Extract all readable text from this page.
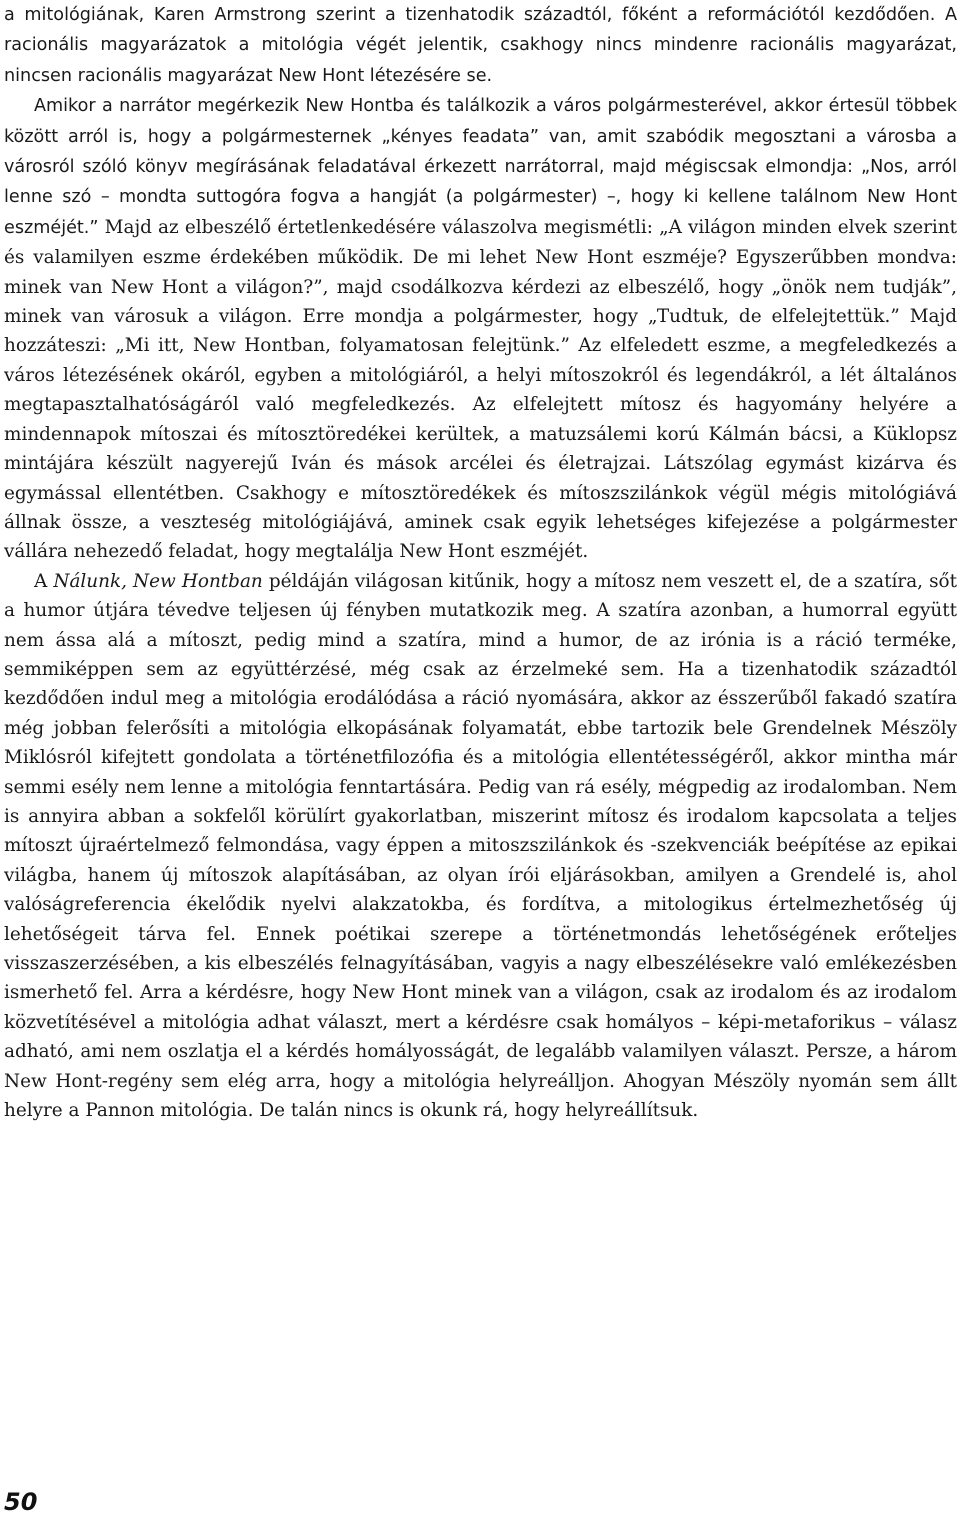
a mitológiának, Karen Armstrong szerint a tizenhatodik századtól, főként a reformációtól kezdődően. A racionális magyarázatok a mitológia végét jelentik, csakhogy nincs mindenre racionális magyarázat, nincsen racionális magyarázat New Hont létezésére se.

Amikor a narrátor megérkezik New Hontba és találkozik a város polgármesterével, akkor értesül többek között arról is, hogy a polgármesternek „kényes feadata” van, amit szabódik megosztani a városba a városról szóló könyv megírásának feladatával érkezett narrátorral, majd mégiscsak elmondja: „Nos, arról lenne szó – mondta suttogóra fogva a hangját (a polgármester) –, hogy ki kellene találnom New Hont eszméjét.” Majd az elbeszélő értetlenkedésére válaszolva megismétli: „A világon minden elvek szerint és valamilyen eszme érdekében működik. De mi lehet New Hont eszméje? Egyszerűbben mondva: minek van New Hont a világon?”, majd csodálkozva kérdezi az elbeszélő, hogy „önök nem tudják”, minek van városuk a világon. Erre mondja a polgármester, hogy „Tudtuk, de elfelejtettük.” Majd hozzáteszi: „Mi itt, New Hontban, folyamatosan felejtünk.” Az elfeledett eszme, a megfeledkezés a város létezésének okáról, egyben a mitológiáról, a helyi mítoszokról és legendákról, a lét általános megtapasztalhatóságáról való megfeledkezés. Az elfelejtett mítosz és hagyomány helyére a mindennapok mítoszai és mítosztöredékei kerültek, a matuzsálemi korú Kálmán bácsi, a Küklopsz mintájára készült nagyerejű Iván és mások arcélei és életrajzai. Látszólag egymást kizárva és egymással ellentétben. Csakhogy e mítosztöredékek és mítoszszilánkok végül mégis mitológiává állnak össze, a veszteség mitológiájává, aminek csak egyik lehetséges kifejezése a polgármester vállára nehezedő feladat, hogy megtalálja New Hont eszméjét.

A Nálunk, New Hontban példáján világosan kitűnik, hogy a mítosz nem veszett el, de a szatíra, sőt a humor útjára tévedve teljesen új fényben mutatkozik meg. A szatíra azonban, a humorral együtt nem ássa alá a mítoszt, pedig mind a szatíra, mind a humor, de az irónia is a ráció terméke, semmiképpen sem az együttérzésé, még csak az érzelmeké sem. Ha a tizenhatodik századtól kezdődően indul meg a mitológia erodálódása a ráció nyomására, akkor az ésszerűből fakadó szatíra még jobban felerősíti a mitológia elkopásának folyamatát, ebbe tartozik bele Grendelnek Mészöly Miklósról kifejtett gondolata a történetfilozófia és a mitológia ellentétességéről, akkor mintha már semmi esély nem lenne a mitológia fenntartására. Pedig van rá esély, mégpedig az irodalomban. Nem is annyira abban a sokfelől körülírt gyakorlatban, miszerint mítosz és irodalom kapcsolata a teljes mítoszt újraértelmező felmondása, vagy éppen a mitoszszilánkok és -szekvenciák beépítése az epikai világba, hanem új mítoszok alapításában, az olyan írói eljárásokban, amilyen a Grendelé is, ahol valóságreferencia ékelődik nyelvi alakzatokba, és fordítva, a mitologikus értelmezhetőség új lehetőségeit tárva fel. Ennek poétikai szerepe a történetmondás lehetőségének erőteljes visszaszerzésében, a kis elbeszélés felnagyításában, vagyis a nagy elbeszélésekre való emlékezésben ismerhető fel. Arra a kérdésre, hogy New Hont minek van a világon, csak az irodalom és az irodalom közvetítésével a mitológia adhat választ, mert a kérdésre csak homályos – képi-metaforikus – válasz adható, ami nem oszlatja el a kérdés homályosságát, de legalább valamilyen választ. Persze, a három New Hont-regény sem elég arra, hogy a mitológia helyreálljon. Ahogyan Mészöly nyomán sem állt helyre a Pannon mitológia. De talán nincs is okunk rá, hogy helyreállítsuk.

50
